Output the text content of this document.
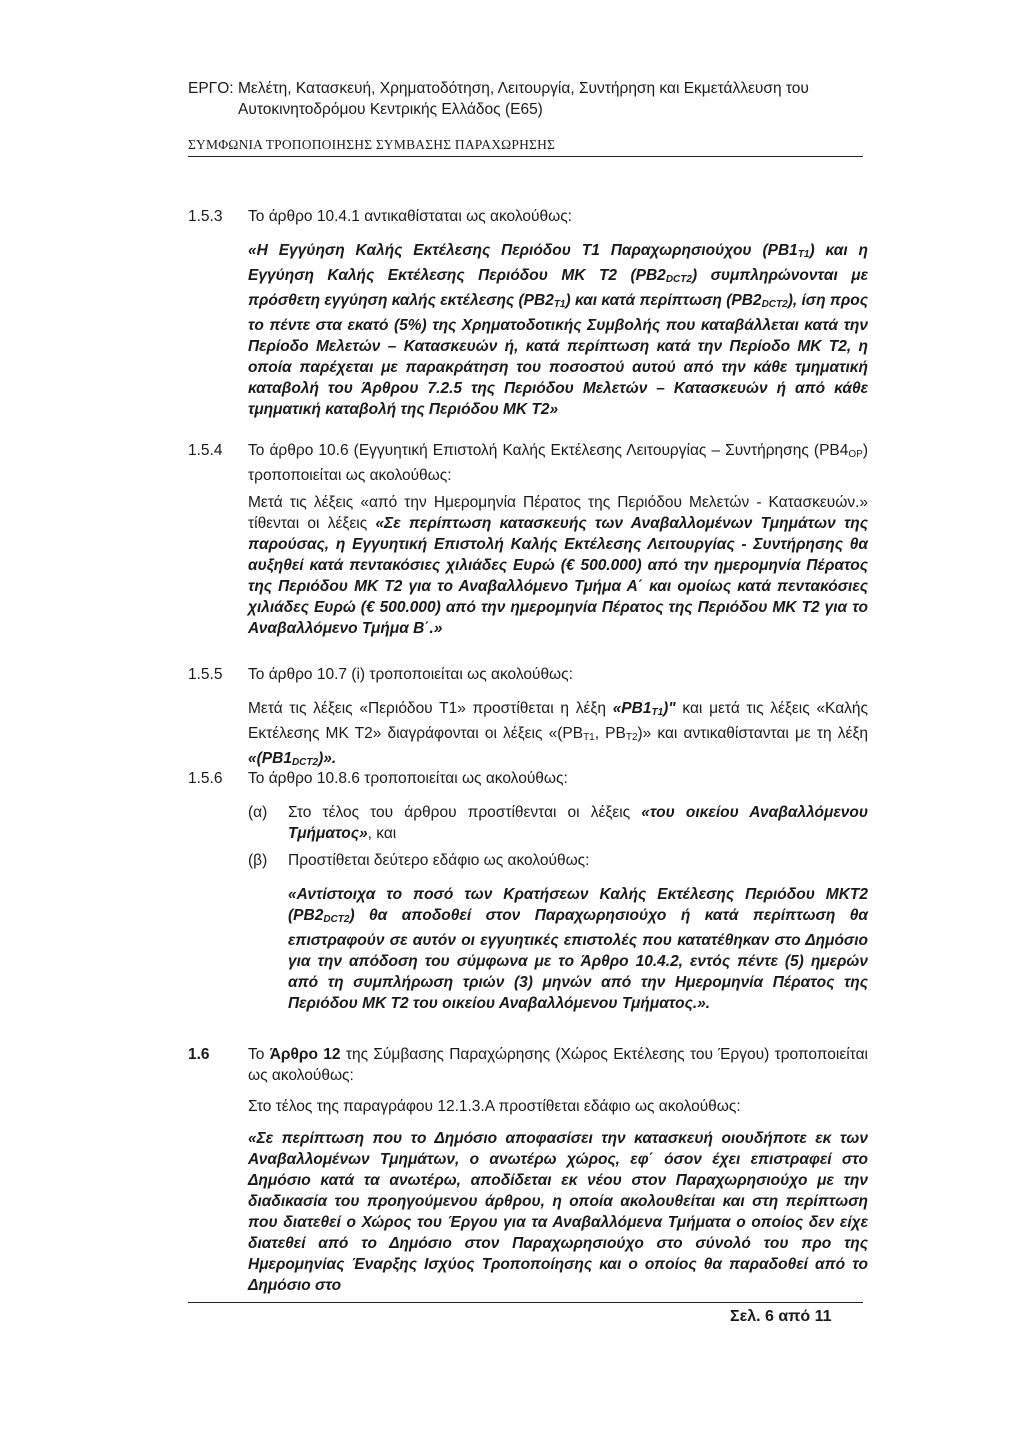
ΕΡΓΟ: Μελέτη, Κατασκευή, Χρηματοδότηση, Λειτουργία, Συντήρηση και Εκμετάλλευση του
Αυτοκινητοδρόμου Κεντρικής Ελλάδος (Ε65)
ΣΥΜΦΩΝΙΑ ΤΡΟΠΟΠΟΙΗΣΗΣ ΣΥΜΒΑΣΗΣ ΠΑΡΑΧΩΡΗΣΗΣ
1.5.3	Το άρθρο 10.4.1 αντικαθίσταται ως ακολούθως:
«Η Εγγύηση Καλής Εκτέλεσης Περιόδου Τ1 Παραχωρησιούχου $(PB1_{T1})$ και η Εγγύηση Καλής Εκτέλεσης Περιόδου ΜΚ Τ2 $(PB2_{DCT2})$ συμπληρώνονται με πρόσθετη εγγύηση καλής εκτέλεσης $(PB2_{T1})$ και κατά περίπτωση $(PB2_{DCT2})$, ίση προς το πέντε στα εκατό (5%) της Χρηματοδοτικής Συμβολής που καταβάλλεται κατά την Περίοδο Μελετών – Κατασκευών ή, κατά περίπτωση κατά την Περίοδο ΜΚ Τ2, η οποία παρέχεται με παρακράτηση του ποσοστού αυτού από την κάθε τμηματική καταβολή του Άρθρου 7.2.5 της Περιόδου Μελετών – Κατασκευών ή από κάθε τμηματική καταβολή της Περιόδου ΜΚ Τ2»
1.5.4	Το άρθρο 10.6 (Εγγυητική Επιστολή Καλής Εκτέλεσης Λειτουργίας – Συντήρησης $(PB4_{OP})$ τροποποιείται ως ακολούθως:
Μετά τις λέξεις «από την Ημερομηνία Πέρατος της Περιόδου Μελετών - Κατασκευών.» τίθενται οι λέξεις «Σε περίπτωση κατασκευής των Αναβαλλομένων Τμημάτων της παρούσας, η Εγγυητική Επιστολή Καλής Εκτέλεσης Λειτουργίας - Συντήρησης θα αυξηθεί κατά πεντακόσιες χιλιάδες Ευρώ (€ 500.000) από την ημερομηνία Πέρατος της Περιόδου ΜΚ Τ2 για το Αναβαλλόμενο Τμήμα Α΄ και ομοίως κατά πεντακόσιες χιλιάδες Ευρώ (€ 500.000) από την ημερομηνία Πέρατος της Περιόδου ΜΚ Τ2 για το Αναβαλλόμενο Τμήμα Β΄.»
1.5.5	Το άρθρο 10.7 (i) τροποποιείται ως ακολούθως:
Μετά τις λέξεις «Περιόδου Τ1» προστίθεται η λέξη «$PB1_{T1}$)" και μετά τις λέξεις «Καλής Εκτέλεσης ΜΚ Τ2» διαγράφονται οι λέξεις «($PB_{T1}$, $PB_{T2}$)» και αντικαθίστανται με τη λέξη «$(PB1_{DCT2})$».
1.5.6	Το άρθρο 10.8.6 τροποποιείται ως ακολούθως:
(α)	Στο τέλος του άρθρου προστίθενται οι λέξεις «του οικείου Αναβαλλόμενου Τμήματος», και
(β)	Προστίθεται δεύτερο εδάφιο ως ακολούθως:
«Αντίστοιχα το ποσό των Κρατήσεων Καλής Εκτέλεσης Περιόδου ΜΚΤ2 $(PB2_{DCT2})$ θα αποδοθεί στον Παραχωρησιούχο ή κατά περίπτωση θα επιστραφούν σε αυτόν οι εγγυητικές επιστολές που κατατέθηκαν στο Δημόσιο για την απόδοση του σύμφωνα με το Άρθρο 10.4.2, εντός πέντε (5) ημερών από τη συμπλήρωση τριών (3) μηνών από την Ημερομηνία Πέρατος της Περιόδου ΜΚ Τ2 του οικείου Αναβαλλόμενου Τμήματος.».
1.6	Το Άρθρο 12 της Σύμβασης Παραχώρησης (Χώρος Εκτέλεσης του Έργου) τροποποιείται ως ακολούθως:
Στο τέλος της παραγράφου 12.1.3.Α προστίθεται εδάφιο ως ακολούθως:
«Σε περίπτωση που το Δημόσιο αποφασίσει την κατασκευή οιουδήποτε εκ των Αναβαλλομένων Τμημάτων, ο ανωτέρω χώρος, εφ΄ όσον έχει επιστραφεί στο Δημόσιο κατά τα ανωτέρω, αποδίδεται εκ νέου στον Παραχωρησιούχο με την διαδικασία του προηγούμενου άρθρου, η οποία ακολουθείται και στη περίπτωση που διατεθεί ο Χώρος του Έργου για τα Αναβαλλόμενα Τμήματα ο οποίος δεν είχε διατεθεί από το Δημόσιο στον Παραχωρησιούχο στο σύνολό του προ της Ημερομηνίας Έναρξης Ισχύος Τροποποίησης και ο οποίος θα παραδοθεί από το Δημόσιο στο
Σελ. 6 από 11
